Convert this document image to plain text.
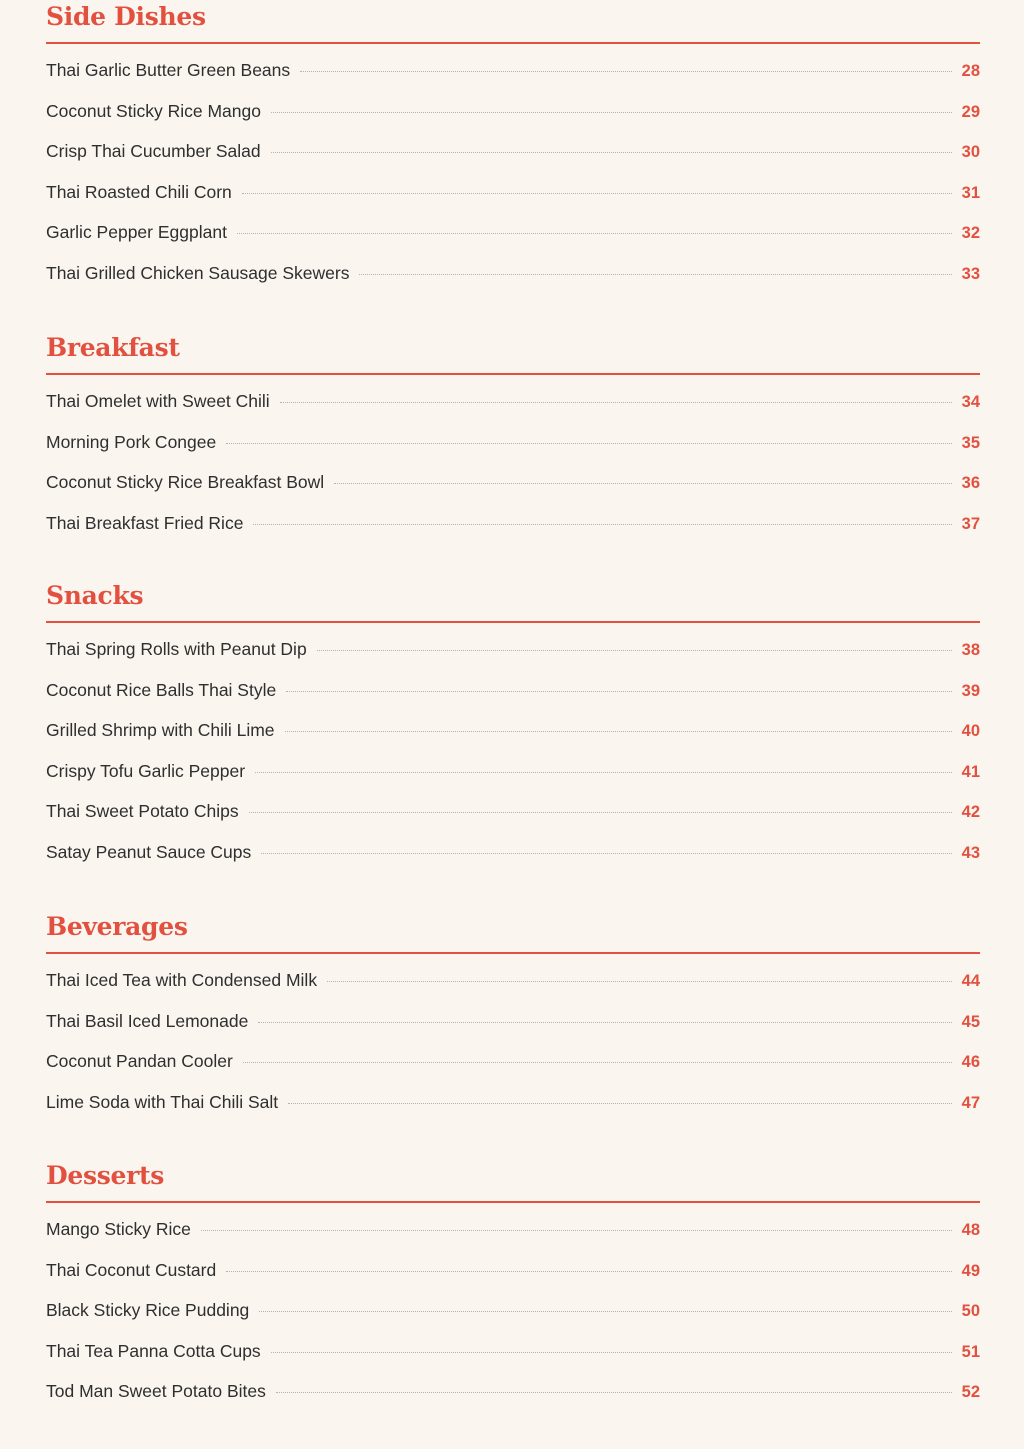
Side Dishes
Thai Garlic Butter Green Beans	28
Coconut Sticky Rice Mango	29
Crisp Thai Cucumber Salad	30
Thai Roasted Chili Corn	31
Garlic Pepper Eggplant	32
Thai Grilled Chicken Sausage Skewers	33
Breakfast
Thai Omelet with Sweet Chili	34
Morning Pork Congee	35
Coconut Sticky Rice Breakfast Bowl	36
Thai Breakfast Fried Rice	37
Snacks
Thai Spring Rolls with Peanut Dip	38
Coconut Rice Balls Thai Style	39
Grilled Shrimp with Chili Lime	40
Crispy Tofu Garlic Pepper	41
Thai Sweet Potato Chips	42
Satay Peanut Sauce Cups	43
Beverages
Thai Iced Tea with Condensed Milk	44
Thai Basil Iced Lemonade	45
Coconut Pandan Cooler	46
Lime Soda with Thai Chili Salt	47
Desserts
Mango Sticky Rice	48
Thai Coconut Custard	49
Black Sticky Rice Pudding	50
Thai Tea Panna Cotta Cups	51
Tod Man Sweet Potato Bites	52
